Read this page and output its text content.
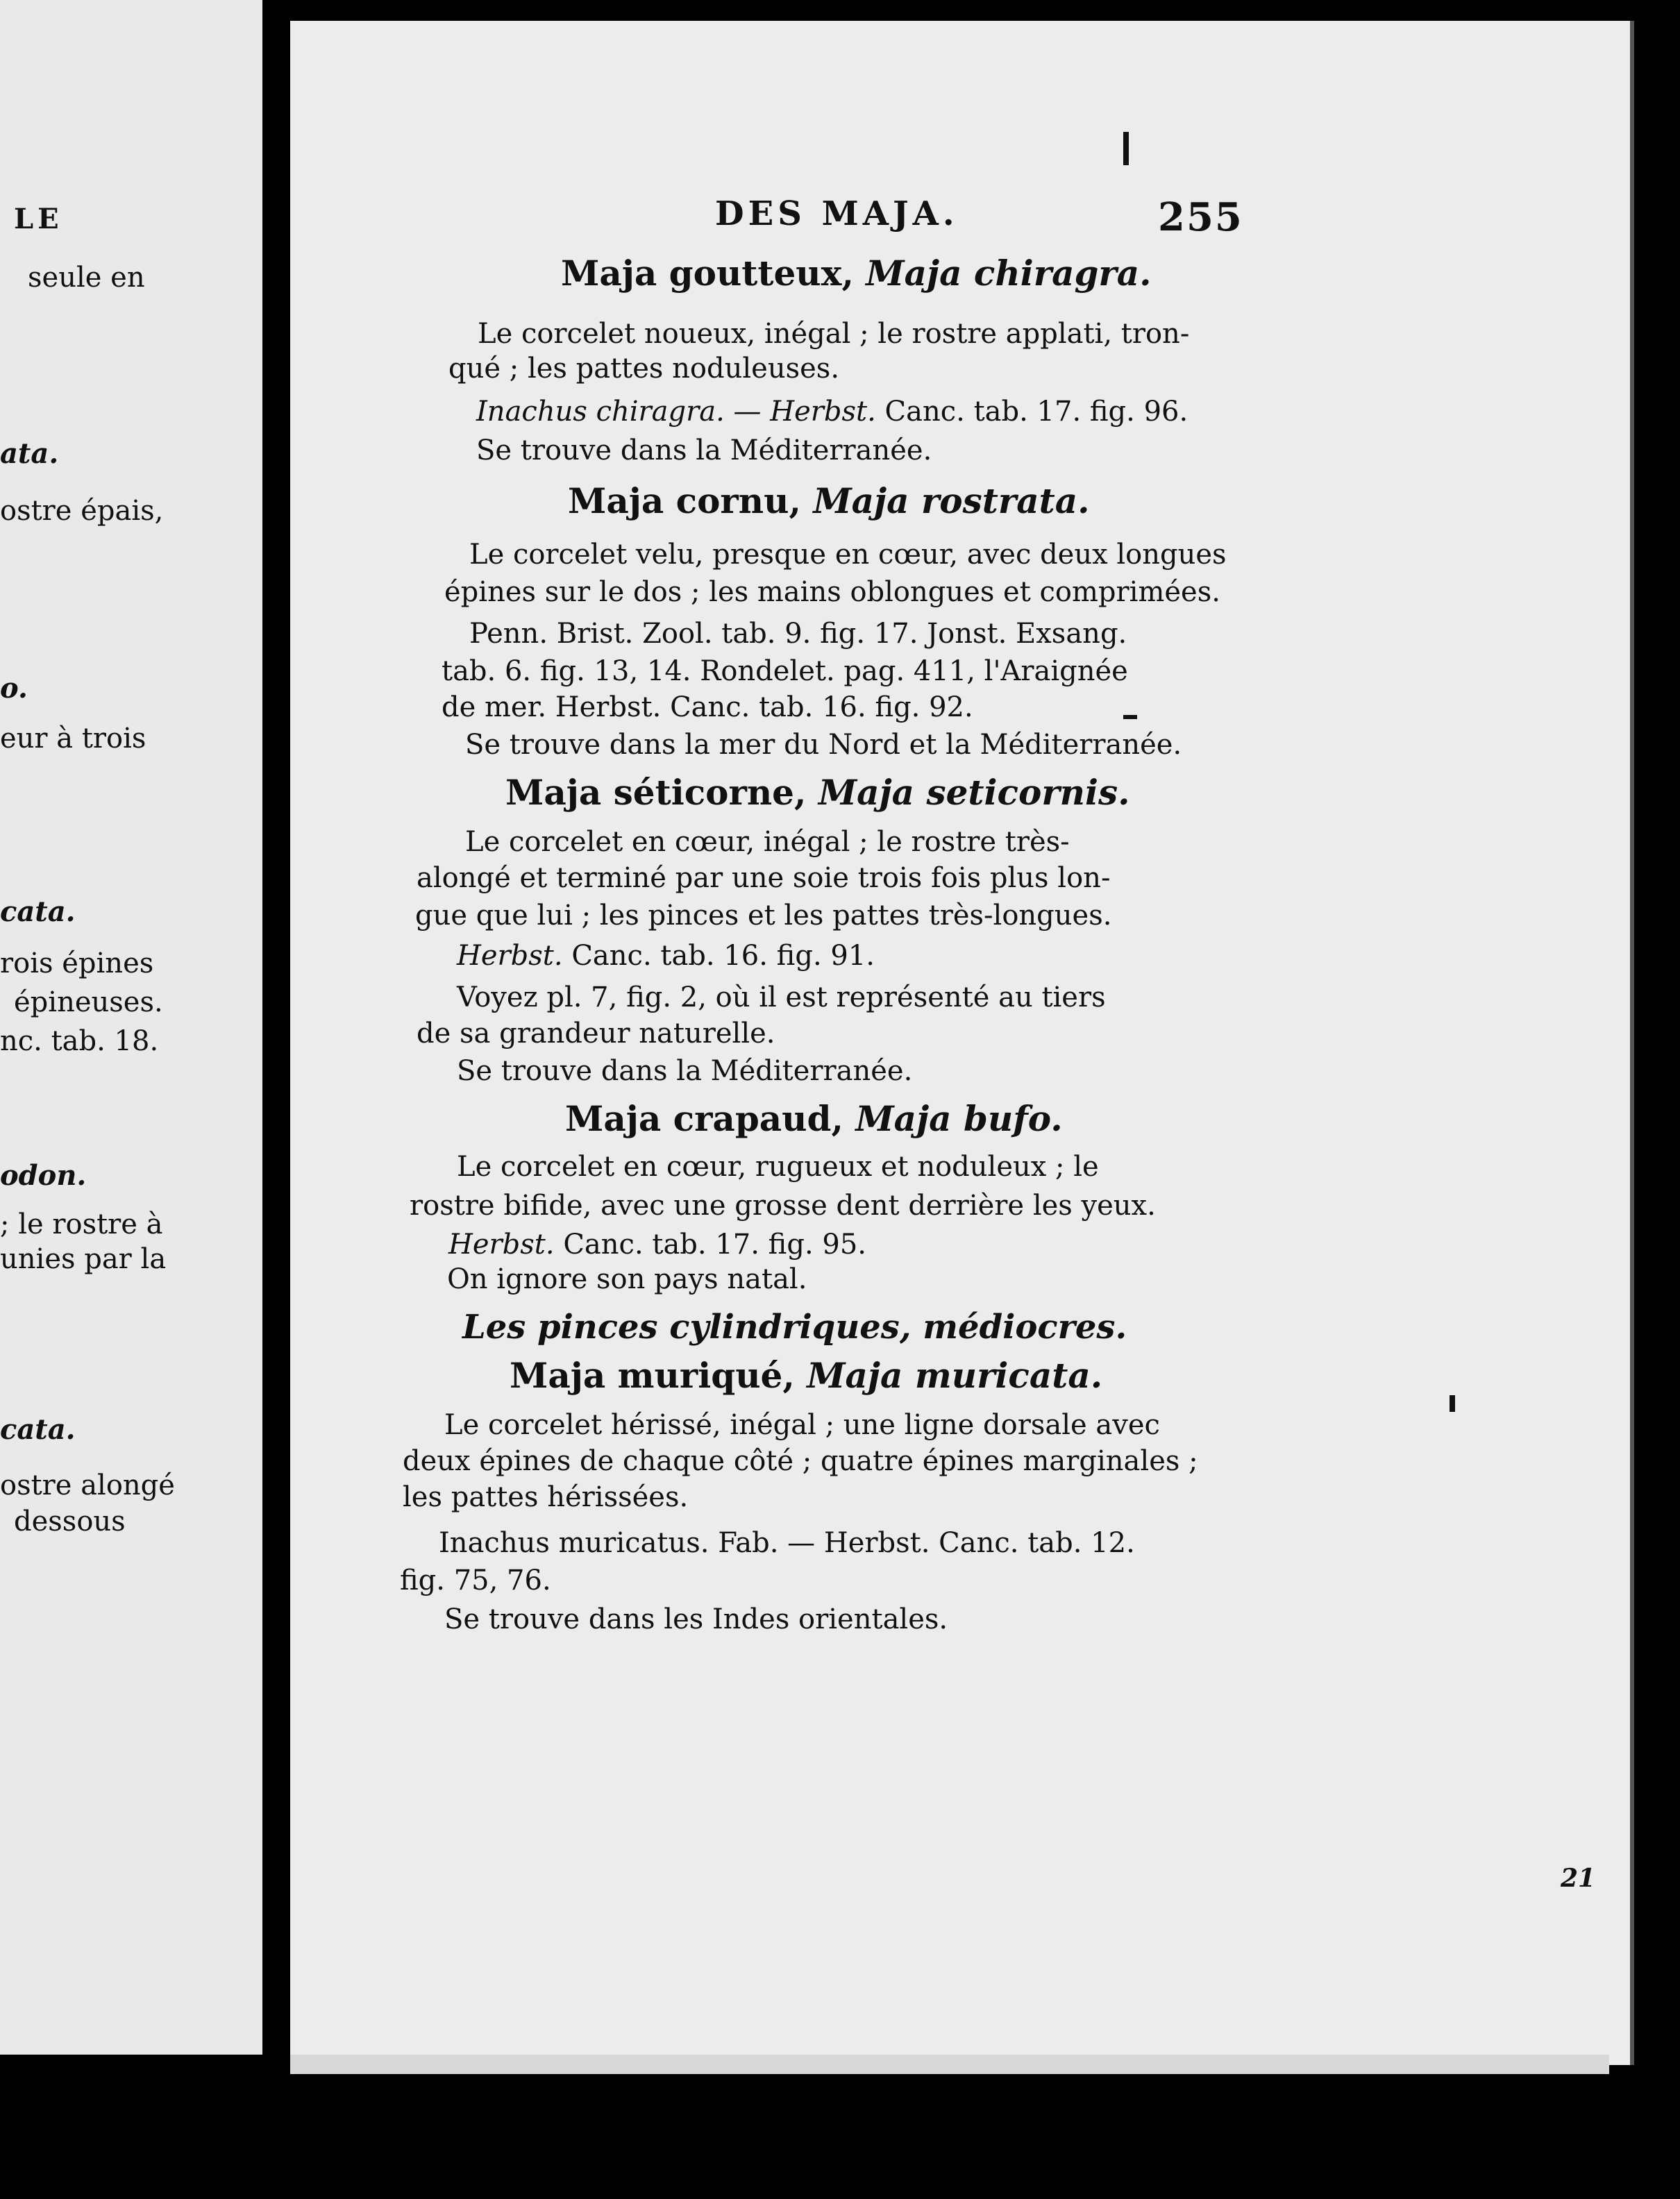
LE
seule en
ata.
ostre épais,
o.
eur à trois
cata.
rois épines
épineuses.
nc. tab. 18.
odon.
; le rostre à
unies par la
cata.
ostre alongé
dessous
DES MAJA.	255
Maja goutteux, Maja chiragra.
Le corcelet noueux, inégal ; le rostre applati, tron-
qué ; les pattes noduleuses.
Inachus chiragra. — Herbst. Canc. tab. 17. fig. 96.
Se trouve dans la Méditerranée.
Maja cornu, Maja rostrata.
Le corcelet velu, presque en cœur, avec deux longues
épines sur le dos ; les mains oblongues et comprimées.
Penn. Brist. Zool. tab. 9. fig. 17. Jonst. Exsang.
tab. 6. fig. 13, 14. Rondelet. pag. 411, l'Araignée
de mer. Herbst. Canc. tab. 16. fig. 92.
Se trouve dans la mer du Nord et la Méditerranée.
Maja séticorne, Maja seticornis.
Le corcelet en cœur, inégal ; le rostre très-
alongé et terminé par une soie trois fois plus lon-
gue que lui ; les pinces et les pattes très-longues.
Herbst. Canc. tab. 16. fig. 91.
Voyez pl. 7, fig. 2, où il est représenté au tiers
de sa grandeur naturelle.
Se trouve dans la Méditerranée.
Maja crapaud, Maja bufo.
Le corcelet en cœur, rugueux et noduleux ; le
rostre bifide, avec une grosse dent derrière les yeux.
Herbst. Canc. tab. 17. fig. 95.
On ignore son pays natal.
Les pinces cylindriques, médiocres.
Maja muriqué, Maja muricata.
Le corcelet hérissé, inégal ; une ligne dorsale avec
deux épines de chaque côté ; quatre épines marginales ;
les pattes hérissées.
Inachus muricatus. Fab. — Herbst. Canc. tab. 12.
fig. 75, 76.
Se trouve dans les Indes orientales.
21
